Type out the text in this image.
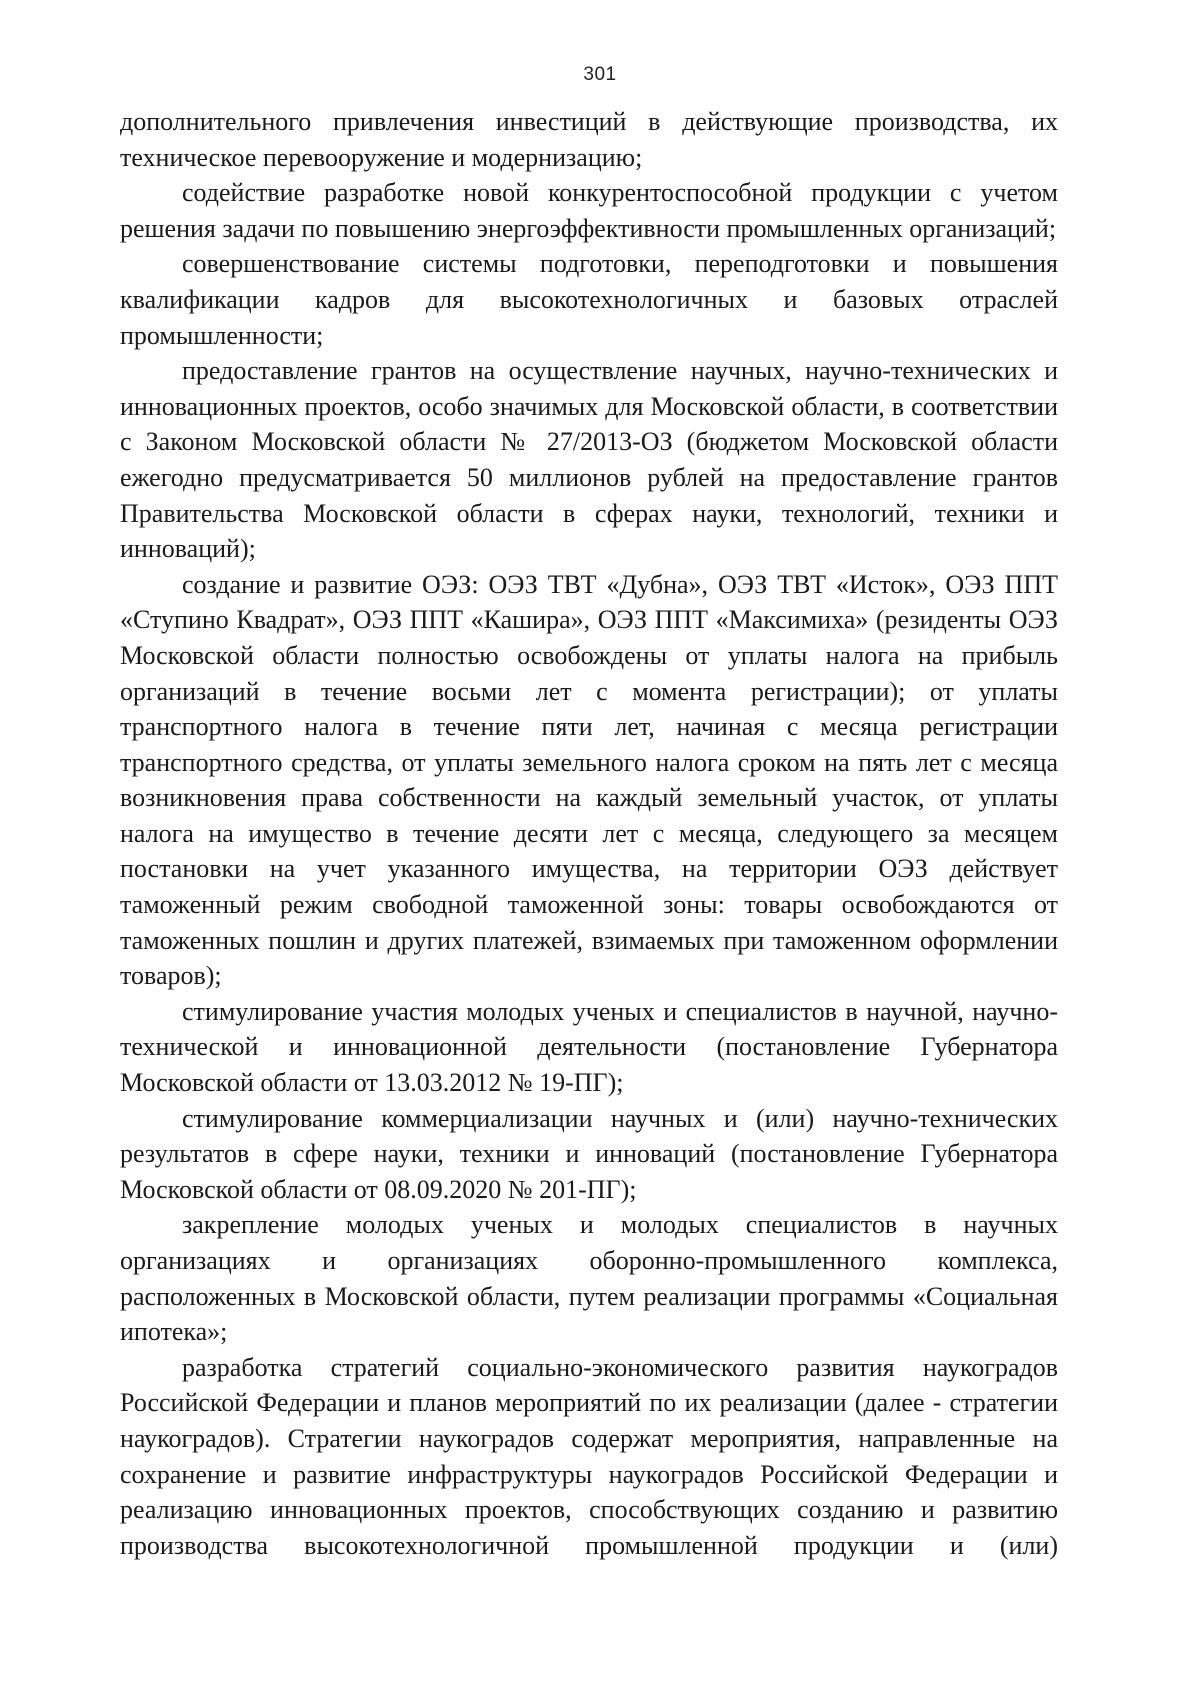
301

дополнительного привлечения инвестиций в действующие производства, их техническое перевооружение и модернизацию;

содействие разработке новой конкурентоспособной продукции с учетом решения задачи по повышению энергоэффективности промышленных организаций;

совершенствование системы подготовки, переподготовки и повышения квалификации кадров для высокотехнологичных и базовых отраслей промышленности;

предоставление грантов на осуществление научных, научно-технических и инновационных проектов, особо значимых для Московской области, в соответствии с Законом Московской области № 27/2013-ОЗ (бюджетом Московской области ежегодно предусматривается 50 миллионов рублей на предоставление грантов Правительства Московской области в сферах науки, технологий, техники и инноваций);

создание и развитие ОЭЗ: ОЭЗ ТВТ «Дубна», ОЭЗ ТВТ «Исток», ОЭЗ ППТ «Ступино Квадрат», ОЭЗ ППТ «Кашира», ОЭЗ ППТ «Максимиха» (резиденты ОЭЗ Московской области полностью освобождены от уплаты налога на прибыль организаций в течение восьми лет с момента регистрации); от уплаты транспортного налога в течение пяти лет, начиная с месяца регистрации транспортного средства, от уплаты земельного налога сроком на пять лет с месяца возникновения права собственности на каждый земельный участок, от уплаты налога на имущество в течение десяти лет с месяца, следующего за месяцем постановки на учет указанного имущества, на территории ОЭЗ действует таможенный режим свободной таможенной зоны: товары освобождаются от таможенных пошлин и других платежей, взимаемых при таможенном оформлении товаров);

стимулирование участия молодых ученых и специалистов в научной, научно-технической и инновационной деятельности (постановление Губернатора Московской области от 13.03.2012 № 19-ПГ);

стимулирование коммерциализации научных и (или) научно-технических результатов в сфере науки, техники и инноваций (постановление Губернатора Московской области от 08.09.2020 № 201-ПГ);

закрепление молодых ученых и молодых специалистов в научных организациях и организациях оборонно-промышленного комплекса, расположенных в Московской области, путем реализации программы «Социальная ипотека»;

разработка стратегий социально-экономического развития наукоградов Российской Федерации и планов мероприятий по их реализации (далее - стратегии наукоградов). Стратегии наукоградов содержат мероприятия, направленные на сохранение и развитие инфраструктуры наукоградов Российской Федерации и реализацию инновационных проектов, способствующих созданию и развитию производства высокотехнологичной промышленной продукции и (или)
